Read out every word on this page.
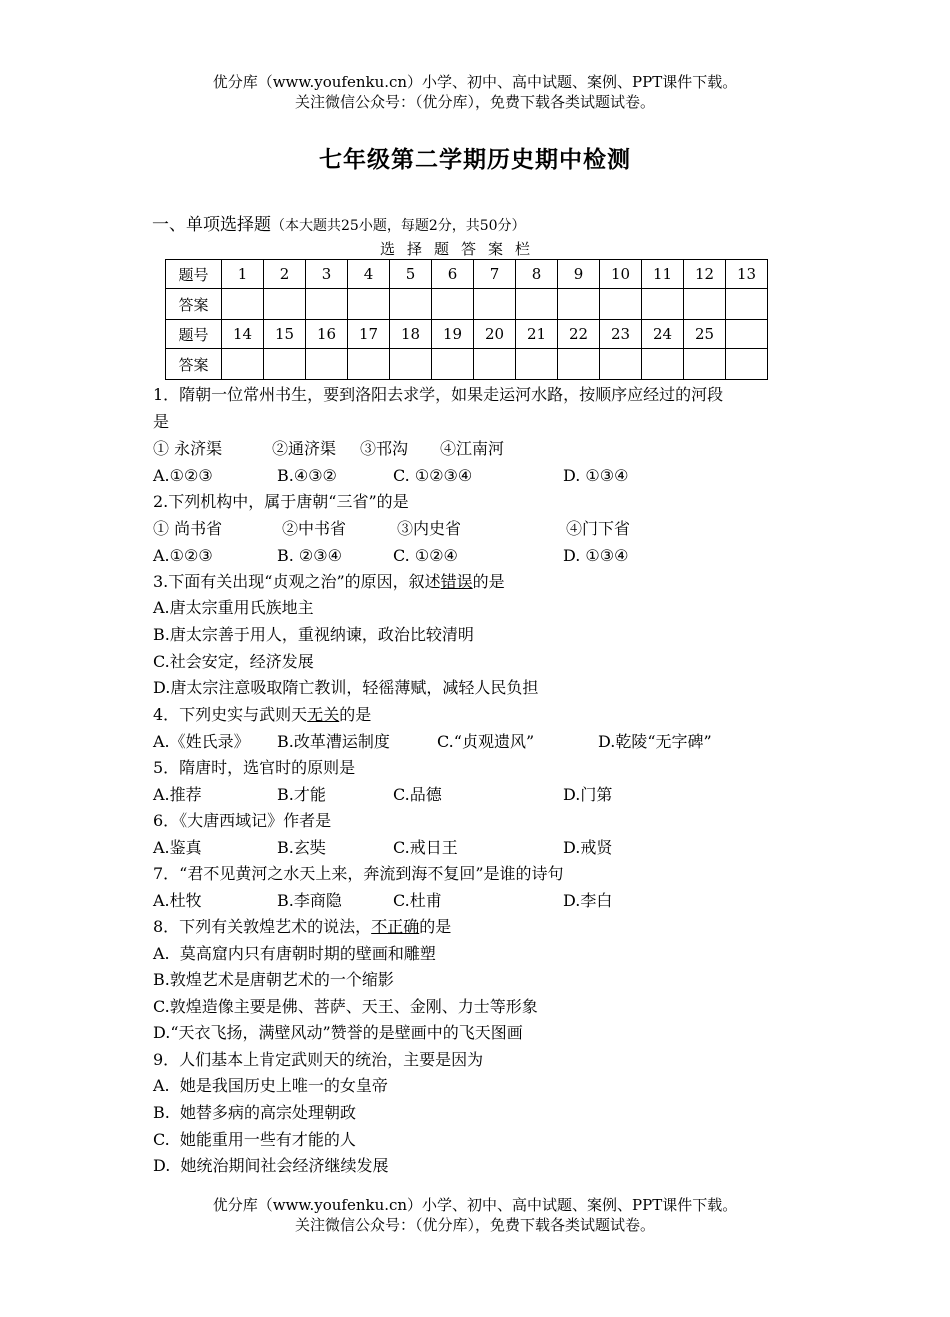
优分库（www.youfenku.cn）小学、初中、高中试题、案例、PPT课件下载。
关注微信公众号：（优分库），免费下载各类试题试卷。
七年级第二学期历史期中检测
一、单项选择题（本大题共25小题，每题2分，共50分）
选择题答案栏
题号	1	2	3	4	5	6	7	8	9	10	11	12	13
答案													
题号	14	15	16	17	18	19	20	21	22	23	24	25	
答案													
1．隋朝一位常州书生，要到洛阳去求学，如果走运河水路，按顺序应经过的河段
是
① 永济渠	②通济渠 ③邗沟 ④江南河
A.①②③	B.④③②	C. ①②③④	D. ①③④
2.下列机构中，属于唐朝“三省”的是
① 尚书省	②中书省	③内史省	④门下省
A.①②③	B. ②③④	C. ①②④	D. ①③④
3.下面有关出现“贞观之治”的原因，叙述错误的是
A.唐太宗重用氏族地主
B.唐太宗善于用人，重视纳谏，政治比较清明
C.社会安定，经济发展
D.唐太宗注意吸取隋亡教训，轻徭薄赋，减轻人民负担
4．下列史实与武则天无关的是
A.《姓氏录》 B.改革漕运制度	C.“贞观遗风”	D.乾陵“无字碑”
5．隋唐时，选官时的原则是
A.推荐	B.才能	C.品德	D.门第
6．《大唐西域记》作者是
A.鉴真	B.玄奘	C.戒日王	D.戒贤
7．“君不见黄河之水天上来，奔流到海不复回”是谁的诗句
A.杜牧	B.李商隐	C.杜甫	D.李白
8．下列有关敦煌艺术的说法，不正确的是
A.  莫高窟内只有唐朝时期的壁画和雕塑
B.敦煌艺术是唐朝艺术的一个缩影
C.敦煌造像主要是佛、菩萨、天王、金刚、力士等形象
D.“天衣飞扬，满壁风动”赞誉的是壁画中的飞天图画
9．人们基本上肯定武则天的统治，主要是因为
A.  她是我国历史上唯一的女皇帝
B.  她替多病的高宗处理朝政
C.  她能重用一些有才能的人
D.  她统治期间社会经济继续发展
优分库（www.youfenku.cn）小学、初中、高中试题、案例、PPT课件下载。
关注微信公众号：（优分库），免费下载各类试题试卷。
